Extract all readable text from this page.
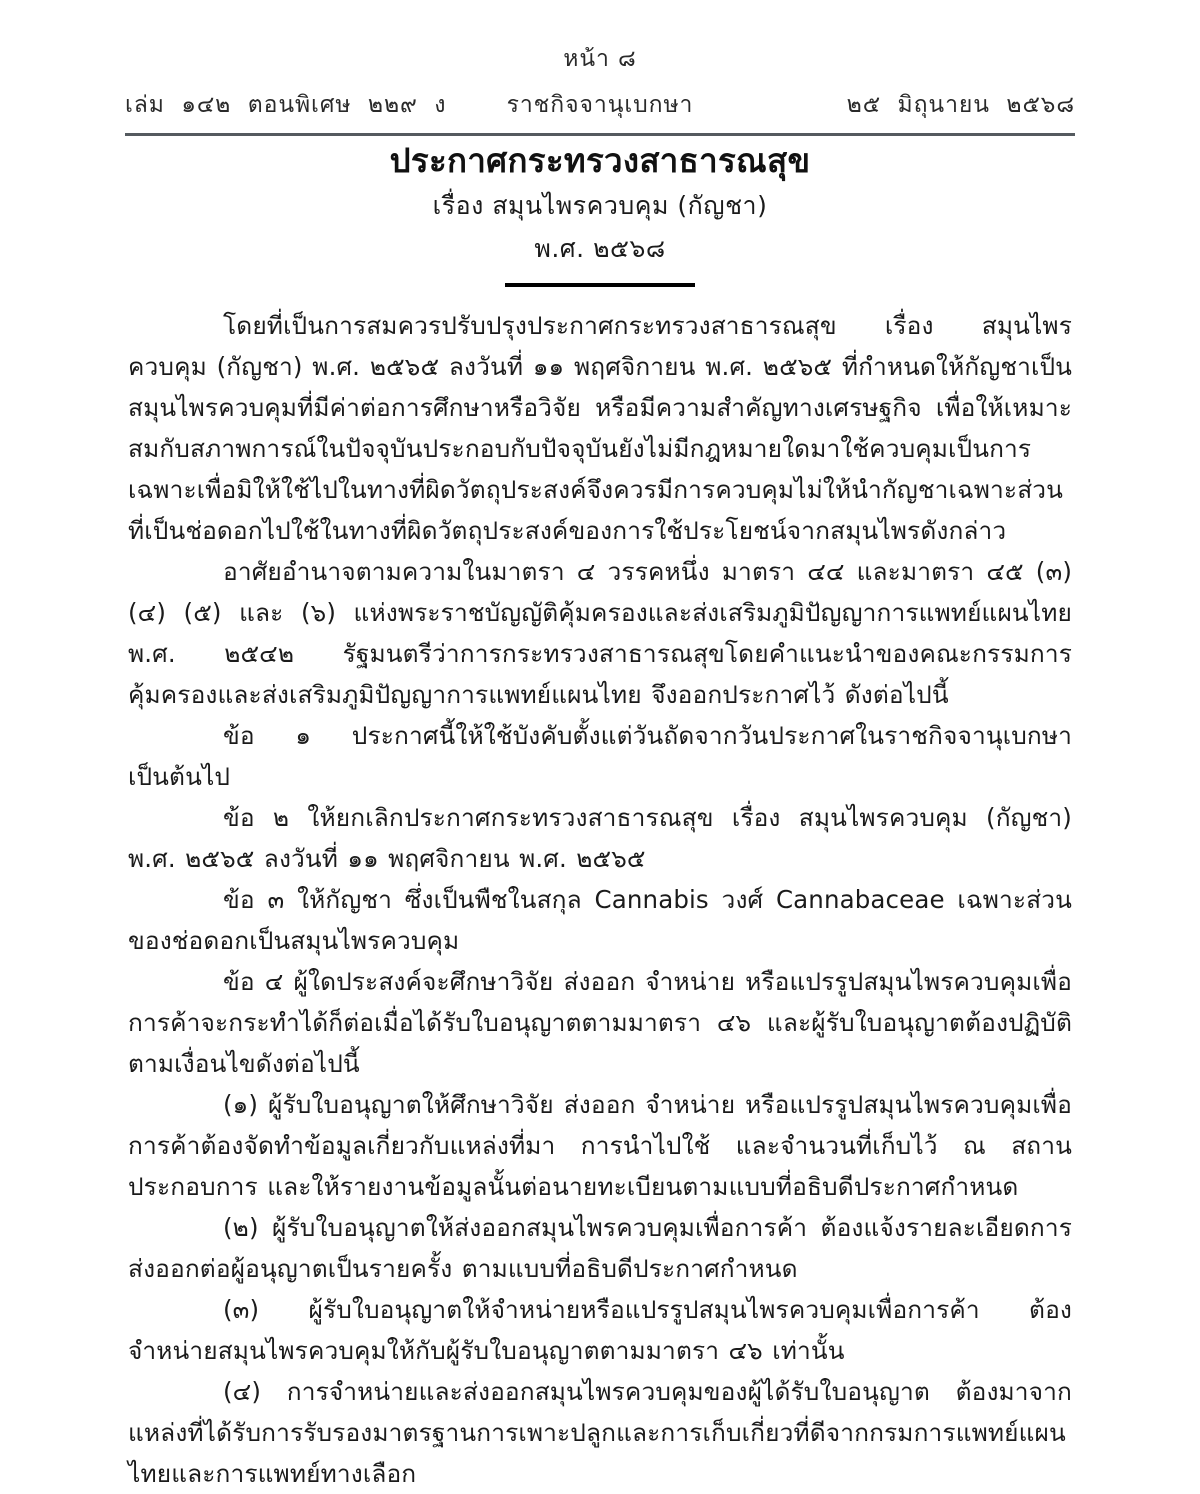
หน้า ๘
เล่ม  ๑๔๒  ตอนพิเศษ  ๒๒๙  ง	ราชกิจจานุเบกษา	๒๕  มิถุนายน  ๒๕๖๘
ประกาศกระทรวงสาธารณสุข
เรื่อง สมุนไพรควบคุม (กัญชา)
พ.ศ. ๒๕๖๘

โดยที่เป็นการสมควรปรับปรุงประกาศกระทรวงสาธารณสุข เรื่อง สมุนไพรควบคุม (กัญชา) พ.ศ. ๒๕๖๕ ลงวันที่ ๑๑ พฤศจิกายน พ.ศ. ๒๕๖๕ ที่กำหนดให้กัญชาเป็นสมุนไพรควบคุมที่มีค่าต่อการศึกษาหรือวิจัย หรือมีความสำคัญทางเศรษฐกิจ เพื่อให้เหมาะสมกับสภาพการณ์ในปัจจุบันประกอบกับปัจจุบันยังไม่มีกฎหมายใดมาใช้ควบคุมเป็นการเฉพาะเพื่อมิให้ใช้ไปในทางที่ผิดวัตถุประสงค์จึงควรมีการควบคุมไม่ให้นำกัญชาเฉพาะส่วนที่เป็นช่อดอกไปใช้ในทางที่ผิดวัตถุประสงค์ของการใช้ประโยชน์จากสมุนไพรดังกล่าว

อาศัยอำนาจตามความในมาตรา ๔ วรรคหนึ่ง มาตรา ๔๔ และมาตรา ๔๕ (๓) (๔) (๕) และ (๖) แห่งพระราชบัญญัติคุ้มครองและส่งเสริมภูมิปัญญาการแพทย์แผนไทย พ.ศ. ๒๕๔๒ รัฐมนตรีว่าการกระทรวงสาธารณสุขโดยคำแนะนำของคณะกรรมการคุ้มครองและส่งเสริมภูมิปัญญาการแพทย์แผนไทย จึงออกประกาศไว้ ดังต่อไปนี้

ข้อ ๑ ประกาศนี้ให้ใช้บังคับตั้งแต่วันถัดจากวันประกาศในราชกิจจานุเบกษาเป็นต้นไป

ข้อ ๒ ให้ยกเลิกประกาศกระทรวงสาธารณสุข เรื่อง สมุนไพรควบคุม (กัญชา) พ.ศ. ๒๕๖๕ ลงวันที่ ๑๑ พฤศจิกายน พ.ศ. ๒๕๖๕

ข้อ ๓ ให้กัญชา ซึ่งเป็นพืชในสกุล Cannabis วงศ์ Cannabaceae เฉพาะส่วนของช่อดอกเป็นสมุนไพรควบคุม

ข้อ ๔ ผู้ใดประสงค์จะศึกษาวิจัย ส่งออก จำหน่าย หรือแปรรูปสมุนไพรควบคุมเพื่อการค้าจะกระทำได้ก็ต่อเมื่อได้รับใบอนุญาตตามมาตรา ๔๖ และผู้รับใบอนุญาตต้องปฏิบัติตามเงื่อนไขดังต่อไปนี้

(๑) ผู้รับใบอนุญาตให้ศึกษาวิจัย ส่งออก จำหน่าย หรือแปรรูปสมุนไพรควบคุมเพื่อการค้าต้องจัดทำข้อมูลเกี่ยวกับแหล่งที่มา การนำไปใช้ และจำนวนที่เก็บไว้ ณ สถานประกอบการ และให้รายงานข้อมูลนั้นต่อนายทะเบียนตามแบบที่อธิบดีประกาศกำหนด

(๒) ผู้รับใบอนุญาตให้ส่งออกสมุนไพรควบคุมเพื่อการค้า ต้องแจ้งรายละเอียดการส่งออกต่อผู้อนุญาตเป็นรายครั้ง ตามแบบที่อธิบดีประกาศกำหนด

(๓) ผู้รับใบอนุญาตให้จำหน่ายหรือแปรรูปสมุนไพรควบคุมเพื่อการค้า ต้องจำหน่ายสมุนไพรควบคุมให้กับผู้รับใบอนุญาตตามมาตรา ๔๖ เท่านั้น

(๔) การจำหน่ายและส่งออกสมุนไพรควบคุมของผู้ได้รับใบอนุญาต ต้องมาจากแหล่งที่ได้รับการรับรองมาตรฐานการเพาะปลูกและการเก็บเกี่ยวที่ดีจากกรมการแพทย์แผนไทยและการแพทย์ทางเลือก
